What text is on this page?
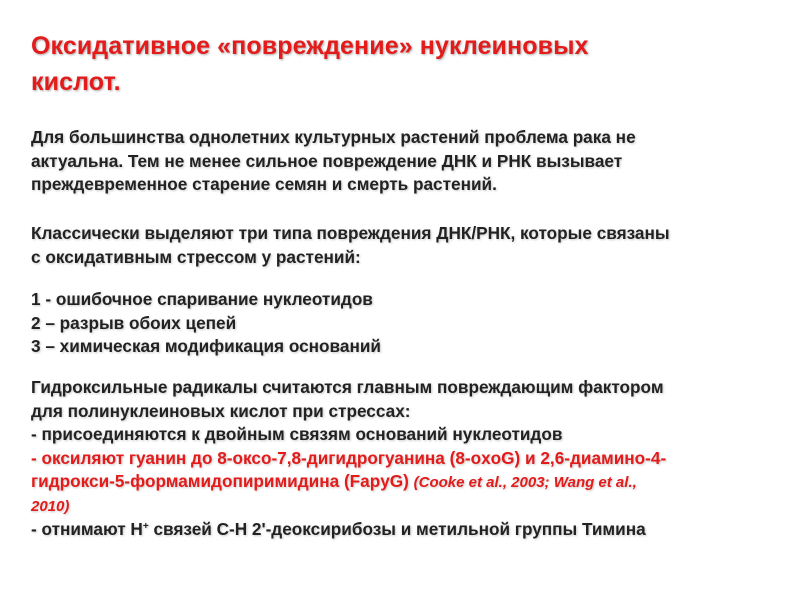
Оксидативное «повреждение» нуклеиновых
кислот.
Для большинства однолетних культурных растений проблема рака не
актуальна. Тем не менее сильное повреждение ДНК и РНК вызывает
преждевременное старение семян и смерть растений.
Классически выделяют три типа повреждения ДНК/РНК, которые связаны
с оксидативным стрессом у растений:
1 - ошибочное спаривание нуклеотидов
2 – разрыв обоих цепей
3 – химическая модификация оснований
Гидроксильные радикалы считаются главным повреждающим фактором
для полинуклеиновых кислот при стрессах:
- присоединяются к двойным связям оснований нуклеотидов
- оксиляют гуанин до 8-оксо-7,8-дигидрогуанина (8-oxoG) и 2,6-диамино-4-
гидрокси-5-формамидопиримидина (FapyG) (Cooke et al., 2003; Wang et al.,
2010)
- отнимают Н+ связей С-Н 2'-деоксирибозы и метильной группы Тимина
